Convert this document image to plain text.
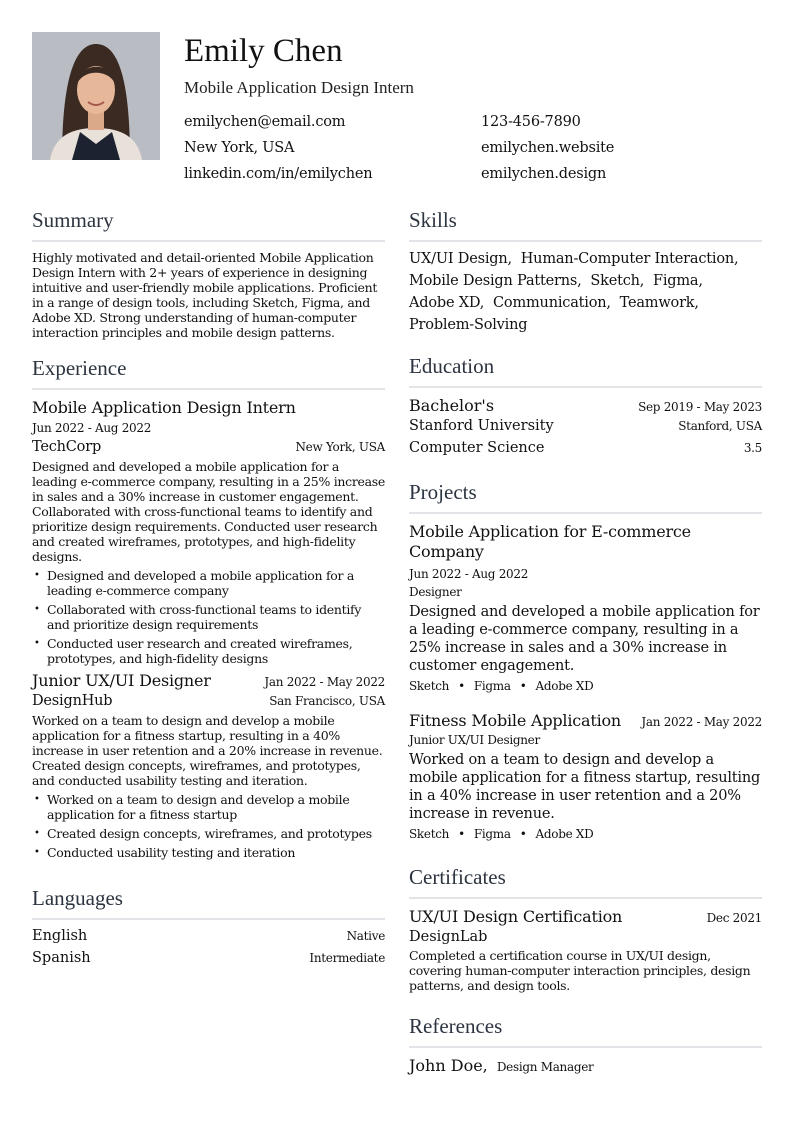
Emily Chen
Mobile Application Design Intern
emilychen@email.com
New York, USA
linkedin.com/in/emilychen
123-456-7890
emilychen.website
emilychen.design
Summary
Highly motivated and detail-oriented Mobile Application Design Intern with 2+ years of experience in designing intuitive and user-friendly mobile applications. Proficient in a range of design tools, including Sketch, Figma, and Adobe XD. Strong understanding of human-computer interaction principles and mobile design patterns.
Experience
Mobile Application Design Intern
Jun 2022 - Aug 2022
TechCorp	New York, USA
Designed and developed a mobile application for a leading e-commerce company, resulting in a 25% increase in sales and a 30% increase in customer engagement. Collaborated with cross-functional teams to identify and prioritize design requirements. Conducted user research and created wireframes, prototypes, and high-fidelity designs.
• Designed and developed a mobile application for a leading e-commerce company
• Collaborated with cross-functional teams to identify and prioritize design requirements
• Conducted user research and created wireframes, prototypes, and high-fidelity designs
Junior UX/UI Designer	Jan 2022 - May 2022
DesignHub	San Francisco, USA
Worked on a team to design and develop a mobile application for a fitness startup, resulting in a 40% increase in user retention and a 20% increase in revenue. Created design concepts, wireframes, and prototypes, and conducted usability testing and iteration.
• Worked on a team to design and develop a mobile application for a fitness startup
• Created design concepts, wireframes, and prototypes
• Conducted usability testing and iteration
Languages
English	Native
Spanish	Intermediate
Skills
UX/UI Design,  Human-Computer Interaction,
Mobile Design Patterns,  Sketch,  Figma,
Adobe XD,  Communication,  Teamwork,
Problem-Solving
Education
Bachelor's	Sep 2019 - May 2023
Stanford University	Stanford, USA
Computer Science	3.5
Projects
Mobile Application for E-commerce Company
Jun 2022 - Aug 2022
Designer
Designed and developed a mobile application for a leading e-commerce company, resulting in a 25% increase in sales and a 30% increase in customer engagement.
Sketch • Figma • Adobe XD
Fitness Mobile Application Jan 2022 - May 2022
Junior UX/UI Designer
Worked on a team to design and develop a mobile application for a fitness startup, resulting in a 40% increase in user retention and a 20% increase in revenue.
Sketch • Figma • Adobe XD
Certificates
UX/UI Design Certification	Dec 2021
DesignLab
Completed a certification course in UX/UI design, covering human-computer interaction principles, design patterns, and design tools.
References
John Doe, Design Manager
